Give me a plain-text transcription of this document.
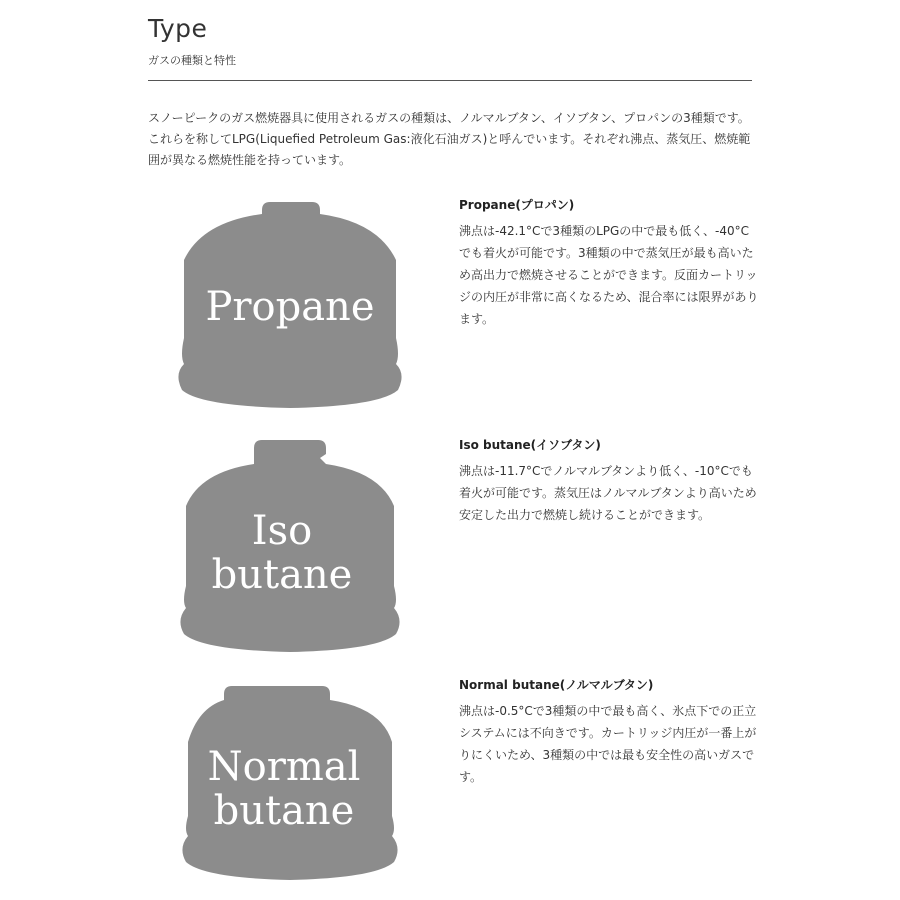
Type
ガスの種類と特性

スノーピークのガス燃焼器具に使用されるガスの種類は、ノルマルブタン、イソブタン、プロパンの3種類です。これらを称してLPG(Liquefied Petroleum Gas:液化石油ガス)と呼んでいます。それぞれ沸点、蒸気圧、燃焼範囲が異なる燃焼性能を持っています。

Propane
Propane(プロパン)

沸点は-42.1°Cで3種類のLPGの中で最も低く、-40°Cでも着火が可能です。3種類の中で蒸気圧が最も高いため高出力で燃焼させることができます。反面カートリッジの内圧が非常に高くなるため、混合率には限界があります。

Iso
butane
Iso butane(イソブタン)

沸点は-11.7°Cでノルマルブタンより低く、-10°Cでも着火が可能です。蒸気圧はノルマルブタンより高いため安定した出力で燃焼し続けることができます。

Normal
butane
Normal butane(ノルマルブタン)

沸点は-0.5°Cで3種類の中で最も高く、氷点下での正立システムには不向きです。カートリッジ内圧が一番上がりにくいため、3種類の中では最も安全性の高いガスです。
